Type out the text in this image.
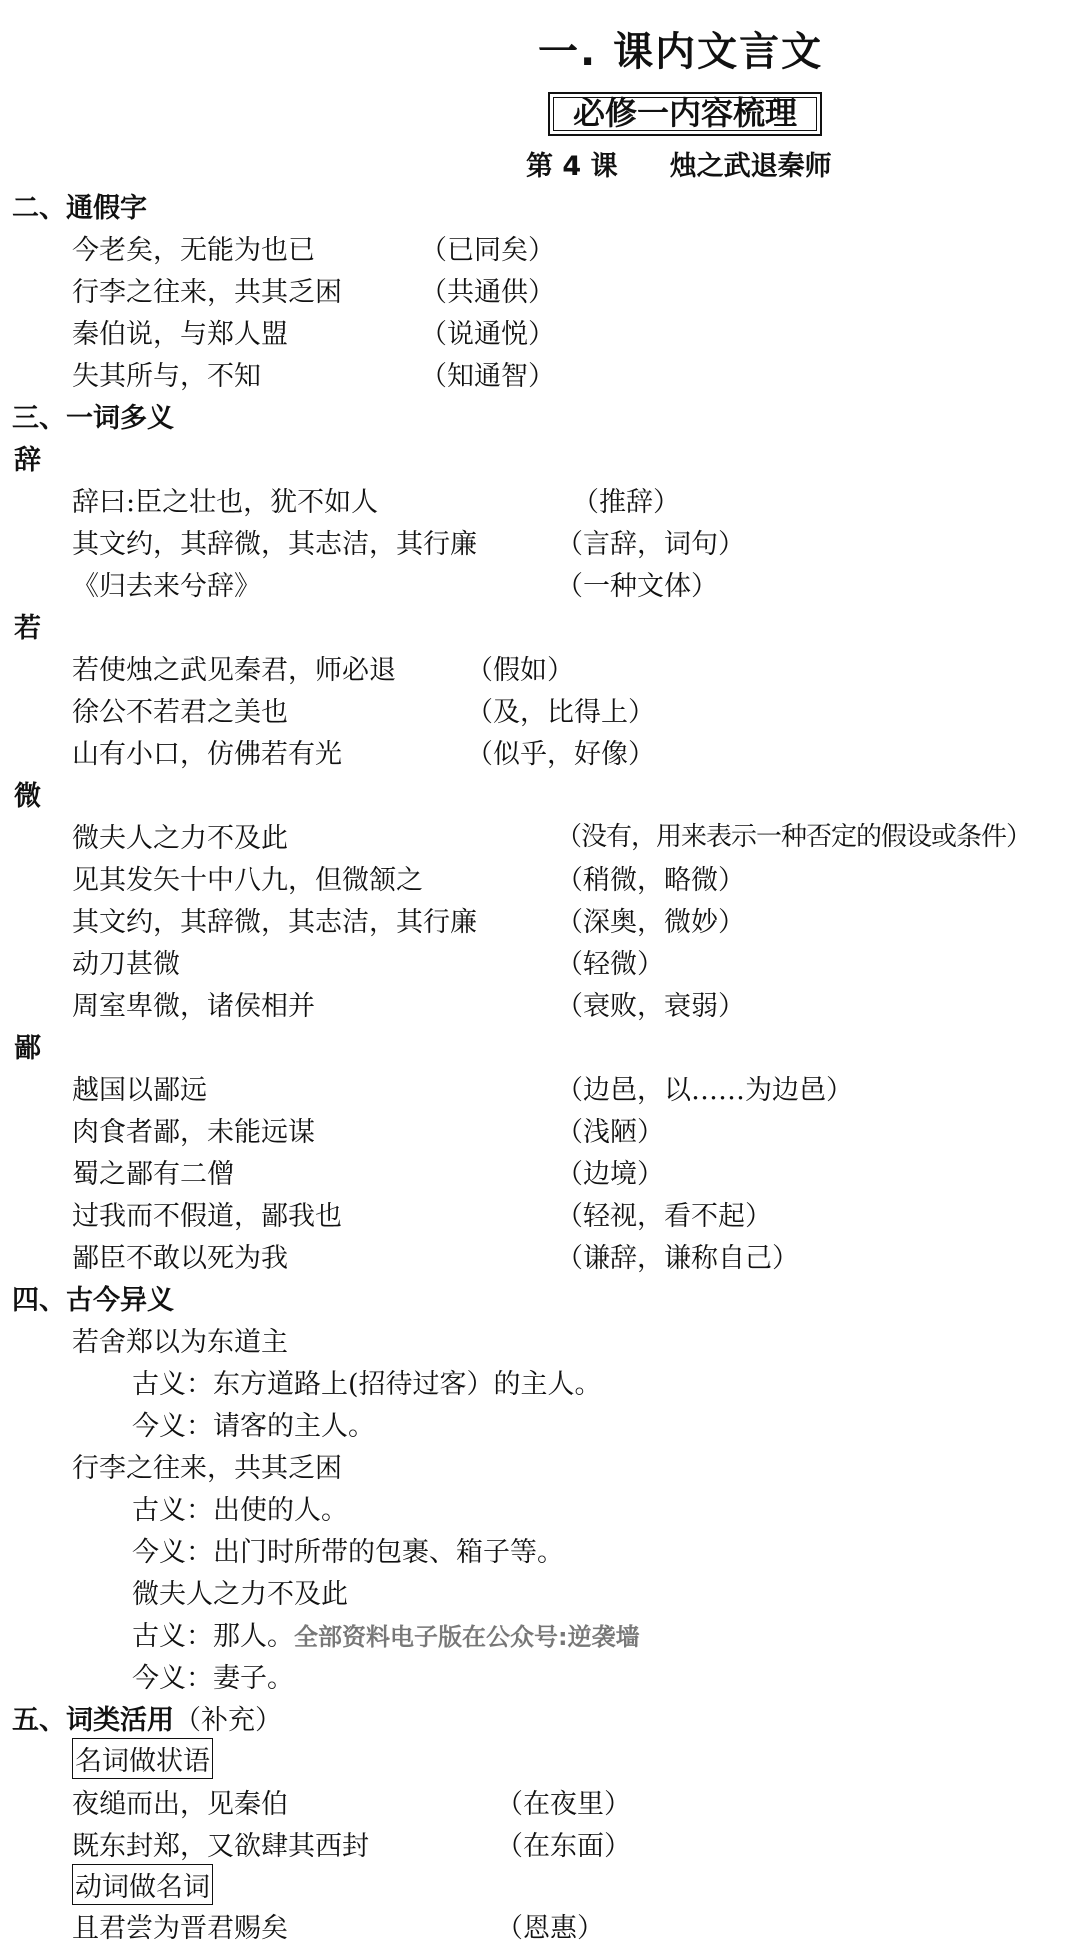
一. 课内文言文
必修一内容梳理
第 4 课 烛之武退秦师
二、通假字
今老矣，无能为也已	（已同矣）
行李之往来，共其乏困	（共通供）
秦伯说，与郑人盟	（说通悦）
失其所与，不知	（知通智）
三、一词多义
辞
辞曰:臣之壮也，犹不如人	（推辞）
其文约，其辞微，其志洁，其行廉	（言辞，词句）
《归去来兮辞》	（一种文体）
若
若使烛之武见秦君，师必退	（假如）
徐公不若君之美也	（及，比得上）
山有小口，仿佛若有光	（似乎，好像）
微
微夫人之力不及此	（没有，用来表示一种否定的假设或条件）
见其发矢十中八九，但微颔之	（稍微，略微）
其文约，其辞微，其志洁，其行廉	（深奥，微妙）
动刀甚微	（轻微）
周室卑微，诸侯相并	（衰败，衰弱）
鄙
越国以鄙远	（边邑，以……为边邑）
肉食者鄙，未能远谋	（浅陋）
蜀之鄙有二僧	（边境）
过我而不假道，鄙我也	（轻视，看不起）
鄙臣不敢以死为我	（谦辞，谦称自己）
四、古今异义
若舍郑以为东道主
古义：东方道路上(招待过客）的主人。
今义：请客的主人。
行李之往来，共其乏困
古义：出使的人。
今义：出门时所带的包裹、箱子等。
微夫人之力不及此
古义：那人。全部资料电子版在公众号:逆袭墙
今义：妻子。
五、词类活用（补充）
名词做状语
夜缒而出，见秦伯	（在夜里）
既东封郑，又欲肆其西封	（在东面）
动词做名词
且君尝为晋君赐矣	（恩惠）
